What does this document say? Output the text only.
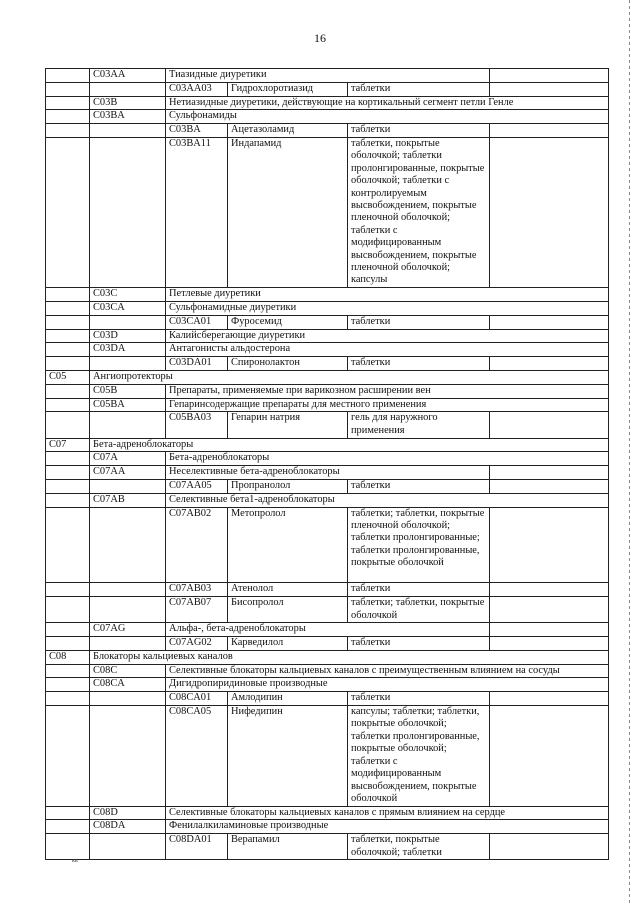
16
	C03AA	Тиазидные диуретики			
		C03AA03	Гидрохлоротиазид	таблетки	
	C03B	Нетиазидные диуретики, действующие на кортикальный сегмент петли Генле			
	C03BA	Сульфонамиды			
		C03BA	Ацетазоламид	таблетки	
		C03BA11	Индапамид	таблетки, покрытые оболочкой; таблетки пролонгированные, покрытые оболочкой; таблетки с контролируемым высвобождением, покрытые пленочной оболочкой; таблетки с модифицированным высвобождением, покрытые пленочной оболочкой; капсулы	
	C03C	Петлевые диуретики			
	C03CA	Сульфонамидные диуретики			
		C03CA01	Фуросемид	таблетки	
	C03D	Калийсберегающие диуретики			
	C03DA	Антагонисты альдостерона			
		C03DA01	Спиронолактон	таблетки	
C05	Ангиопротекторы				
	C05B	Препараты, применяемые при варикозном расширении вен			
	C05BA	Гепаринсодержащие препараты для местного применения			
		C05BA03	Гепарин натрия	гель для наружного применения	
C07	Бета-адреноблокаторы				
	C07A	Бета-адреноблокаторы			
	C07AA	Неселективные бета-адреноблокаторы			
		C07AA05	Пропранолол	таблетки	
	C07AB	Селективные бета1-адреноблокаторы			
		C07AB02	Метопролол	таблетки; таблетки, покрытые пленочной оболочкой; таблетки пролонгированные; таблетки пролонгированные, покрытые оболочкой	
		C07AB03	Атенолол	таблетки	
		C07AB07	Бисопролол	таблетки; таблетки, покрытые оболочкой	
	C07AG	Альфа-, бета-адреноблокаторы			
		C07AG02	Карведилол	таблетки	
C08	Блокаторы кальциевых каналов				
	C08C	Селективные блокаторы кальциевых каналов с преимущественным влиянием на сосуды			
	C08CA	Дигидропиридиновые производные			
		C08CA01	Амлодипин	таблетки	
		C08CA05	Нифедипин	капсулы; таблетки; таблетки, покрытые оболочкой; таблетки пролонгированные, покрытые оболочкой; таблетки с модифицированным высвобождением, покрытые оболочкой	
	C08D	Селективные блокаторы кальциевых каналов с прямым влиянием на сердце			
	C08DA	Фенилалкиламиновые производные			
		C08DA01	Верапамил	таблетки, покрытые оболочкой; таблетки	
кв
